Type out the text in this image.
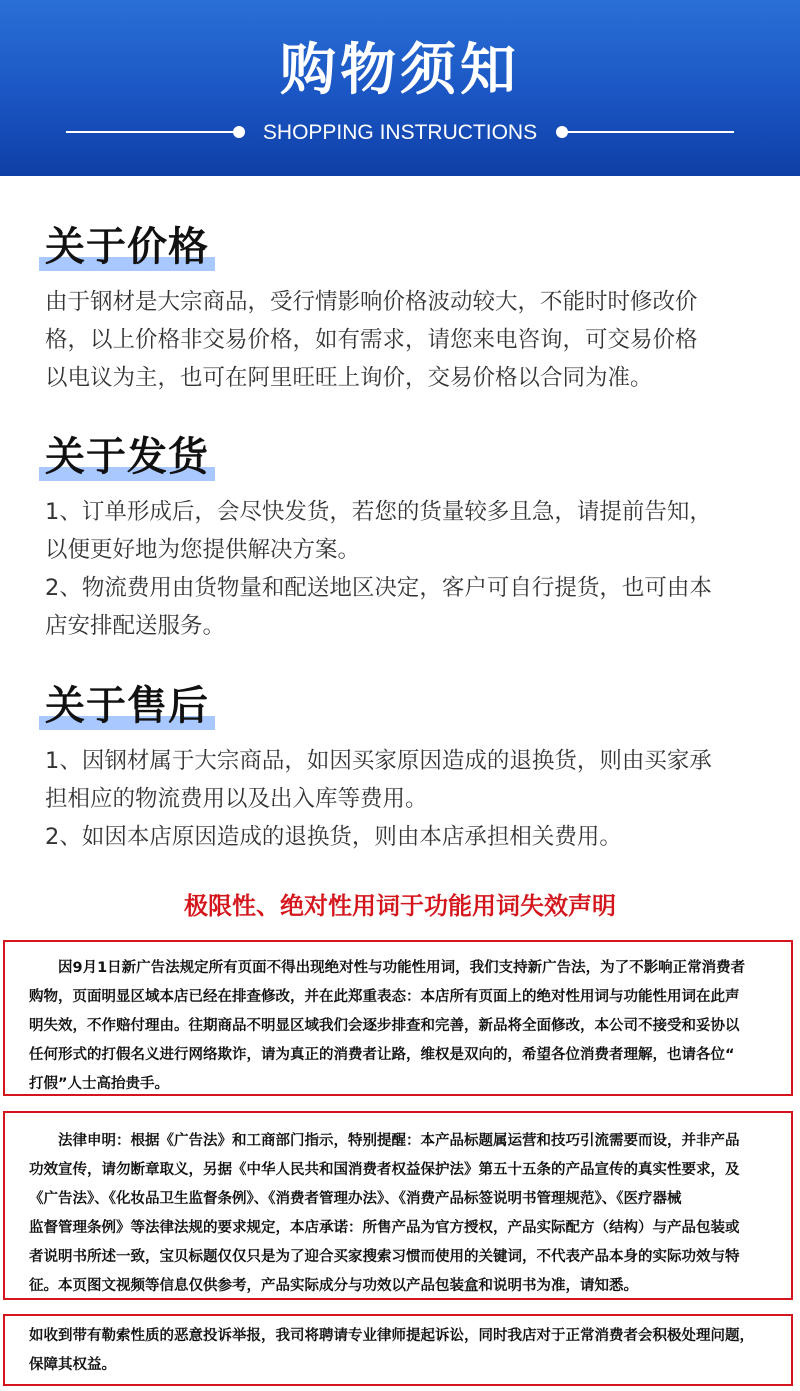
购物须知
SHOPPING INSTRUCTIONS
关于价格

由于钢材是大宗商品，受行情影响价格波动较大，不能时时修改价

格，以上价格非交易价格，如有需求，请您来电咨询，可交易价格

以电议为主，也可在阿里旺旺上询价，交易价格以合同为准。

关于发货

1、订单形成后，会尽快发货，若您的货量较多且急，请提前告知，

以便更好地为您提供解决方案。

2、物流费用由货物量和配送地区决定，客户可自行提货，也可由本

店安排配送服务。

关于售后

1、因钢材属于大宗商品，如因买家原因造成的退换货，则由买家承

担相应的物流费用以及出入库等费用。

2、如因本店原因造成的退换货，则由本店承担相关费用。

极限性、绝对性用词于功能用词失效声明

因9月1日新广告法规定所有页面不得出现绝对性与功能性用词，我们支持新广告法，为了不影响正常消费者

购物，页面明显区域本店已经在排查修改，并在此郑重表态：本店所有页面上的绝对性用词与功能性用词在此声

明失效，不作赔付理由。往期商品不明显区域我们会逐步排查和完善，新品将全面修改，本公司不接受和妥协以

任何形式的打假名义进行网络欺诈，请为真正的消费者让路，维权是双向的，希望各位消费者理解，也请各位“

打假”人士高抬贵手。

法律申明：根据《广告法》和工商部门指示，特别提醒：本产品标题属运营和技巧引流需要而设，并非产品

功效宣传，请勿断章取义，另据《中华人民共和国消费者权益保护法》第五十五条的产品宣传的真实性要求，及

《广告法》、《化妆品卫生监督条例》、《消费者管理办法》、《消费产品标签说明书管理规范》、《医疗器械

监督管理条例》等法律法规的要求规定，本店承诺：所售产品为官方授权，产品实际配方（结构）与产品包装或

者说明书所述一致，宝贝标题仅仅只是为了迎合买家搜索习惯而使用的关键词，不代表产品本身的实际功效与特

征。本页图文视频等信息仅供参考，产品实际成分与功效以产品包装盒和说明书为准，请知悉。

如收到带有勒索性质的恶意投诉举报，我司将聘请专业律师提起诉讼，同时我店对于正常消费者会积极处理问题，

保障其权益。
